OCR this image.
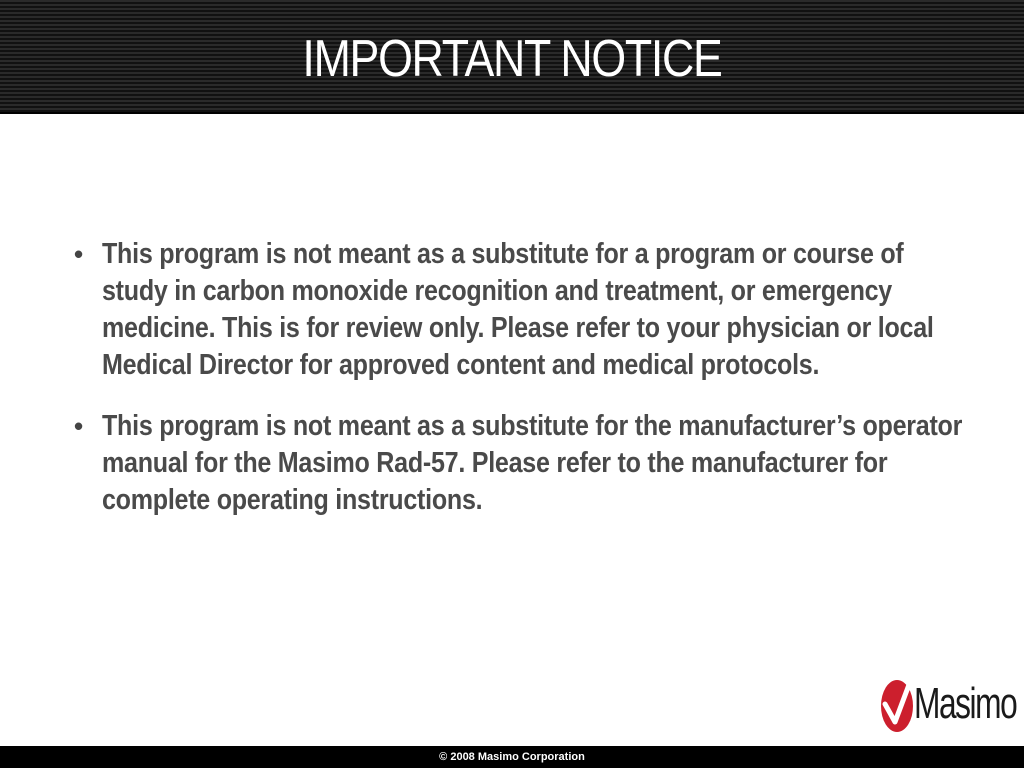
IMPORTANT NOTICE
• This program is not meant as a substitute for a program or course of study in carbon monoxide recognition and treatment, or emergency medicine. This is for review only. Please refer to your physician or local Medical Director for approved content and medical protocols.
• This program is not meant as a substitute for the manufacturer’s operator manual for the Masimo Rad-57. Please refer to the manufacturer for complete operating instructions.
Masimo
© 2008 Masimo Corporation
